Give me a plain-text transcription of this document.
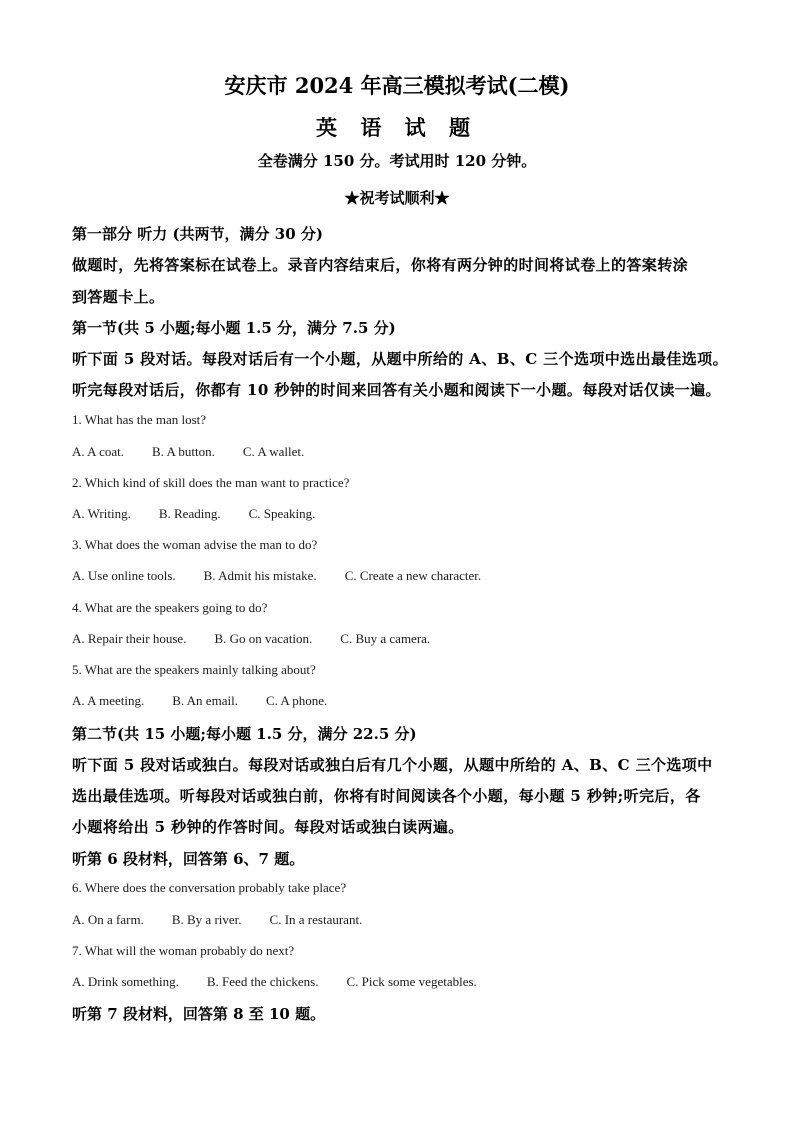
安庆市 2024 年高三模拟考试(二模)
英 语 试 题
全卷满分 150 分。考试用时 120 分钟。
★祝考试顺利★
第一部分 听力 (共两节，满分 30 分)
做题时，先将答案标在试卷上。录音内容结束后，你将有两分钟的时间将试卷上的答案转涂
到答题卡上。
第一节(共 5 小题;每小题 1.5 分，满分 7.5 分)
听下面 5 段对话。每段对话后有一个小题，从题中所给的 A、B、C 三个选项中选出最佳选项。
听完每段对话后，你都有 10 秒钟的时间来回答有关小题和阅读下一小题。每段对话仅读一遍。
1. What has the man lost?
A. A coat. B. A button. C. A wallet.
2. Which kind of skill does the man want to practice?
A. Writing. B. Reading. C. Speaking.
3. What does the woman advise the man to do?
A. Use online tools. B. Admit his mistake. C. Create a new character.
4. What are the speakers going to do?
A. Repair their house. B. Go on vacation. C. Buy a camera.
5. What are the speakers mainly talking about?
A. A meeting. B. An email. C. A phone.
第二节(共 15 小题;每小题 1.5 分，满分 22.5 分)
听下面 5 段对话或独白。每段对话或独白后有几个小题，从题中所给的 A、B、C 三个选项中
选出最佳选项。听每段对话或独白前，你将有时间阅读各个小题，每小题 5 秒钟;听完后，各
小题将给出 5 秒钟的作答时间。每段对话或独白读两遍。
听第 6 段材料，回答第 6、7 题。
6. Where does the conversation probably take place?
A. On a farm. B. By a river. C. In a restaurant.
7. What will the woman probably do next?
A. Drink something. B. Feed the chickens. C. Pick some vegetables.
听第 7 段材料，回答第 8 至 10 题。
